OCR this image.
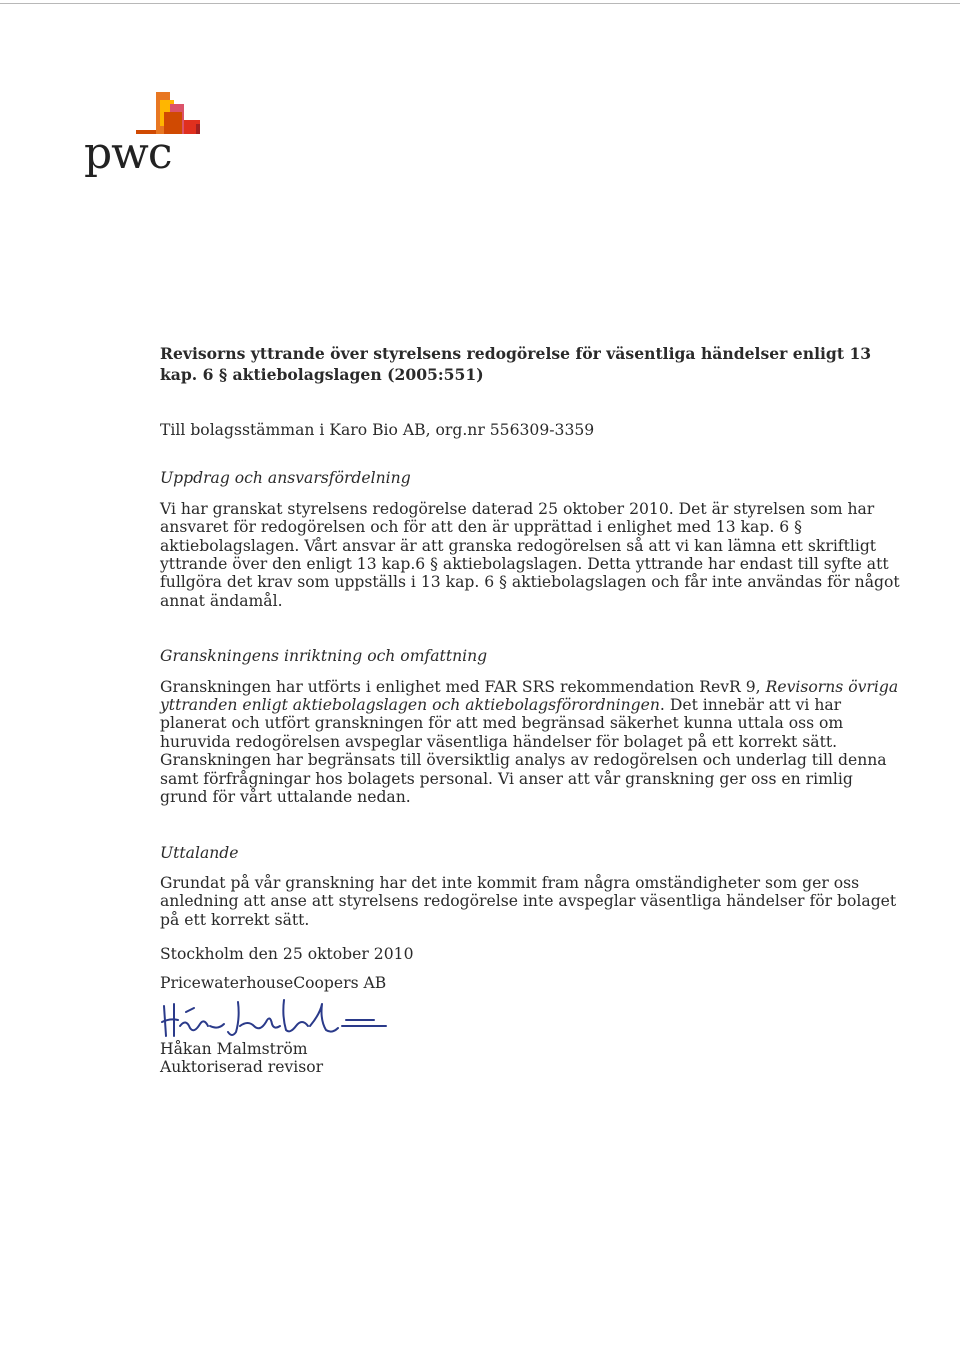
pwc

Revisorns yttrande över styrelsens redogörelse för väsentliga händelser enligt 13 kap. 6 § aktiebolagslagen (2005:551)

Till bolagsstämman i Karo Bio AB, org.nr 556309-3359

Uppdrag och ansvarsfördelning

Vi har granskat styrelsens redogörelse daterad 25 oktober 2010. Det är styrelsen som har ansvaret för redogörelsen och för att den är upprättad i enlighet med 13 kap. 6 § aktiebolagslagen. Vårt ansvar är att granska redogörelsen så att vi kan lämna ett skriftligt yttrande över den enligt 13 kap.6 § aktiebolagslagen. Detta yttrande har endast till syfte att fullgöra det krav som uppställs i 13 kap. 6 § aktiebolagslagen och får inte användas för något annat ändamål.

Granskningens inriktning och omfattning

Granskningen har utförts i enlighet med FAR SRS rekommendation RevR 9, Revisorns övriga yttranden enligt aktiebolagslagen och aktiebolagsförordningen. Det innebär att vi har planerat och utfört granskningen för att med begränsad säkerhet kunna uttala oss om huruvida redogörelsen avspeglar väsentliga händelser för bolaget på ett korrekt sätt. Granskningen har begränsats till översiktlig analys av redogörelsen och underlag till denna samt förfrågningar hos bolagets personal. Vi anser att vår granskning ger oss en rimlig grund för vårt uttalande nedan.

Uttalande

Grundat på vår granskning har det inte kommit fram några omständigheter som ger oss anledning att anse att styrelsens redogörelse inte avspeglar väsentliga händelser för bolaget på ett korrekt sätt.

Stockholm den 25 oktober 2010

PricewaterhouseCoopers AB

Håkan Malmström

Auktoriserad revisor
